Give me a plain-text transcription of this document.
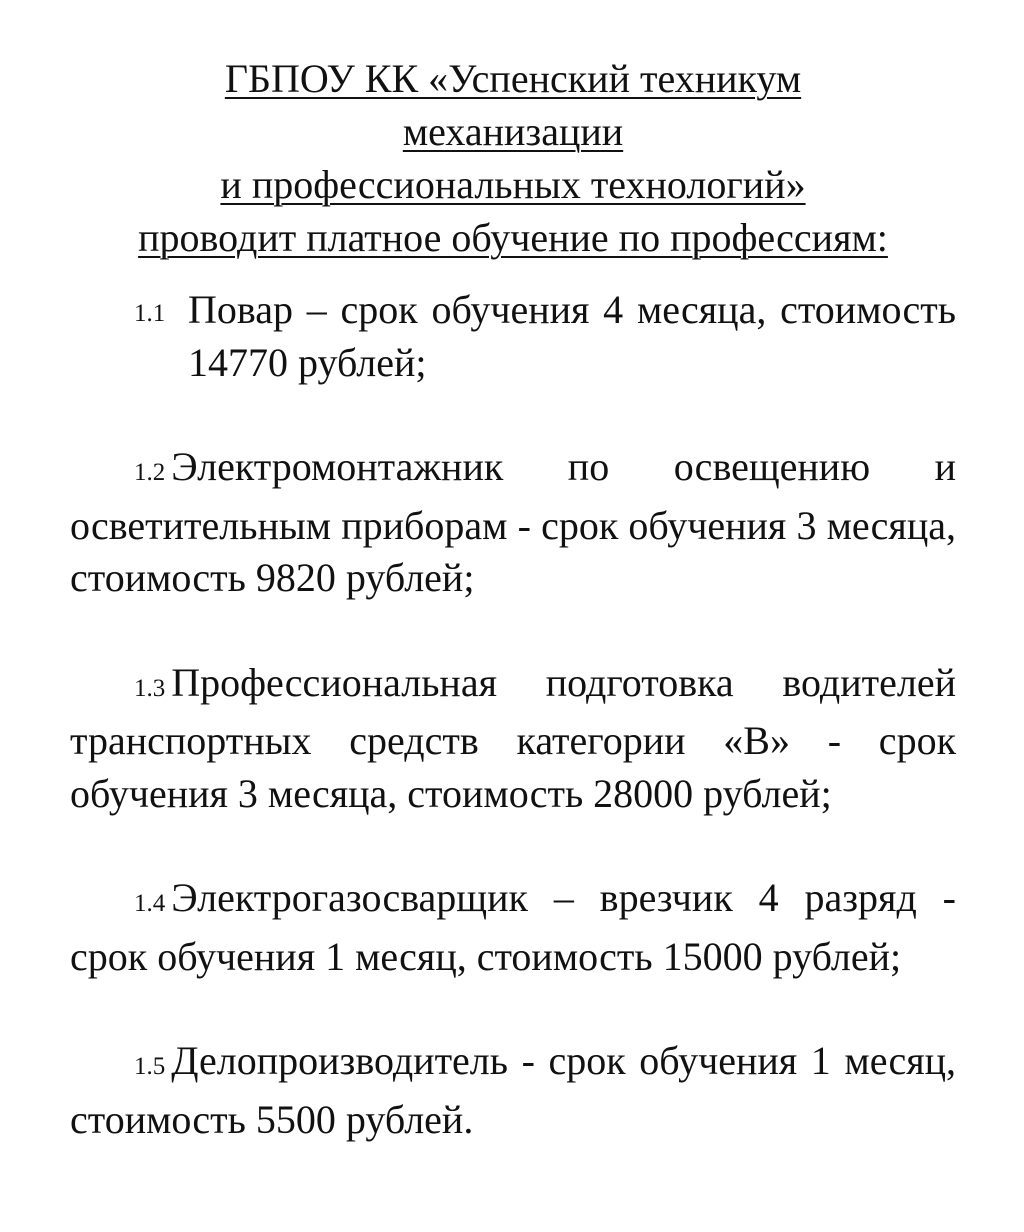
ГБПОУ КК «Успенский техникум
механизации
и профессиональных технологий»
проводит платное обучение по профессиям:

1.1 Повар – срок обучения 4 месяца, стоимость 14770 рублей;

1.2 Электромонтажник по освещению и осветительным приборам - срок обучения 3 месяца, стоимость 9820 рублей;

1.3 Профессиональная подготовка водителей транспортных средств категории «В» - срок обучения 3 месяца, стоимость 28000 рублей;

1.4 Электрогазосварщик – врезчик 4 разряд - срок обучения 1 месяц, стоимость 15000 рублей;

1.5 Делопроизводитель - срок обучения 1 месяц, стоимость 5500 рублей.
